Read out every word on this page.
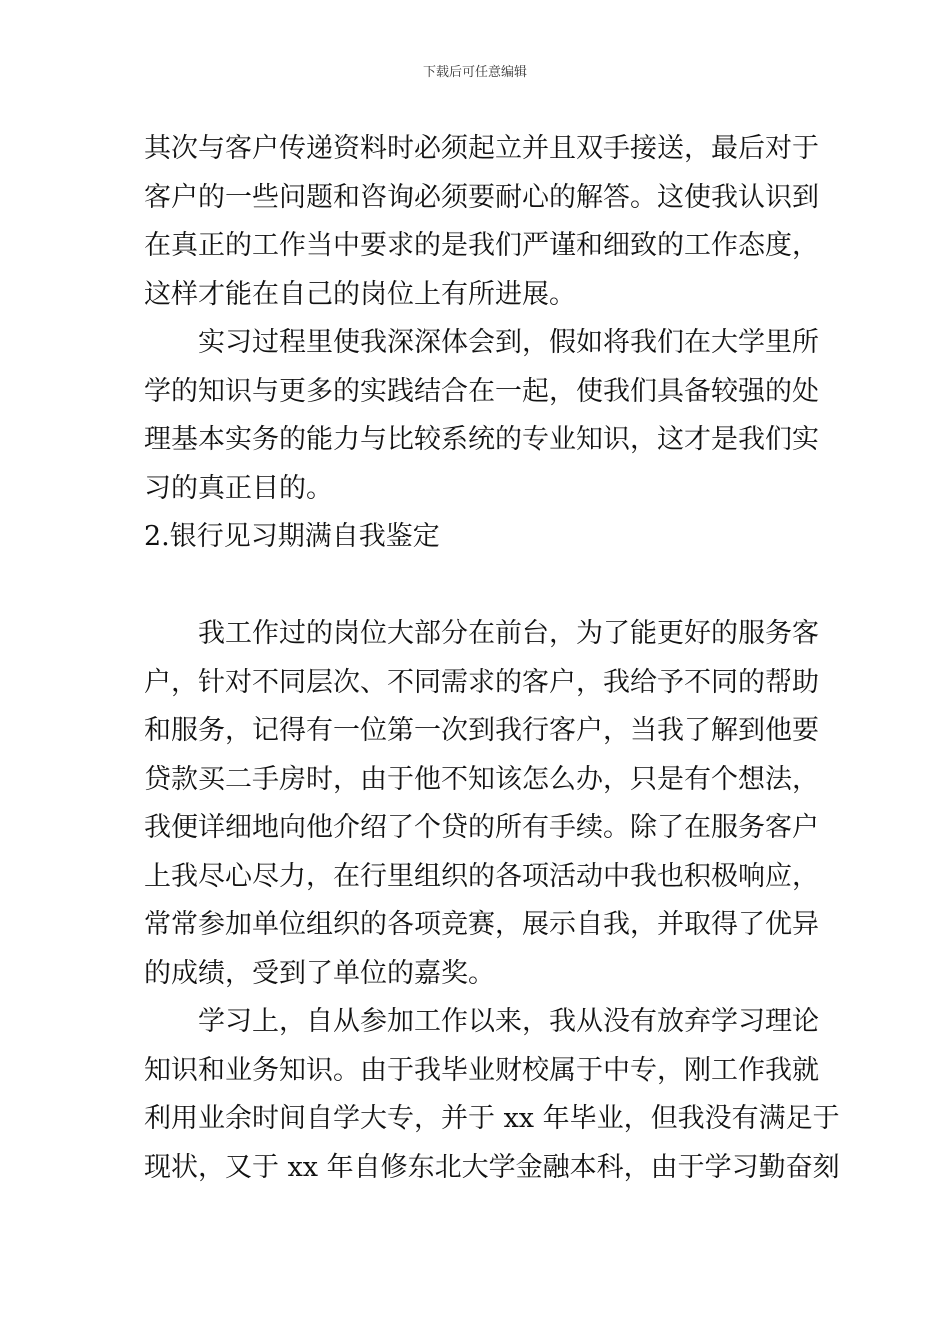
下载后可任意编辑
其次与客户传递资料时必须起立并且双手接送，最后对于
客户的一些问题和咨询必须要耐心的解答。这使我认识到
在真正的工作当中要求的是我们严谨和细致的工作态度，
这样才能在自己的岗位上有所进展。
实习过程里使我深深体会到，假如将我们在大学里所
学的知识与更多的实践结合在一起，使我们具备较强的处
理基本实务的能力与比较系统的专业知识，这才是我们实
习的真正目的。
2.银行见习期满自我鉴定
我工作过的岗位大部分在前台，为了能更好的服务客
户，针对不同层次、不同需求的客户，我给予不同的帮助
和服务，记得有一位第一次到我行客户，当我了解到他要
贷款买二手房时，由于他不知该怎么办，只是有个想法，
我便详细地向他介绍了个贷的所有手续。除了在服务客户
上我尽心尽力，在行里组织的各项活动中我也积极响应，
常常参加单位组织的各项竞赛，展示自我，并取得了优异
的成绩，受到了单位的嘉奖。
学习上，自从参加工作以来，我从没有放弃学习理论
知识和业务知识。由于我毕业财校属于中专，刚工作我就
利用业余时间自学大专，并于 xx 年毕业，但我没有满足于
现状，又于 xx 年自修东北大学金融本科，由于学习勤奋刻
